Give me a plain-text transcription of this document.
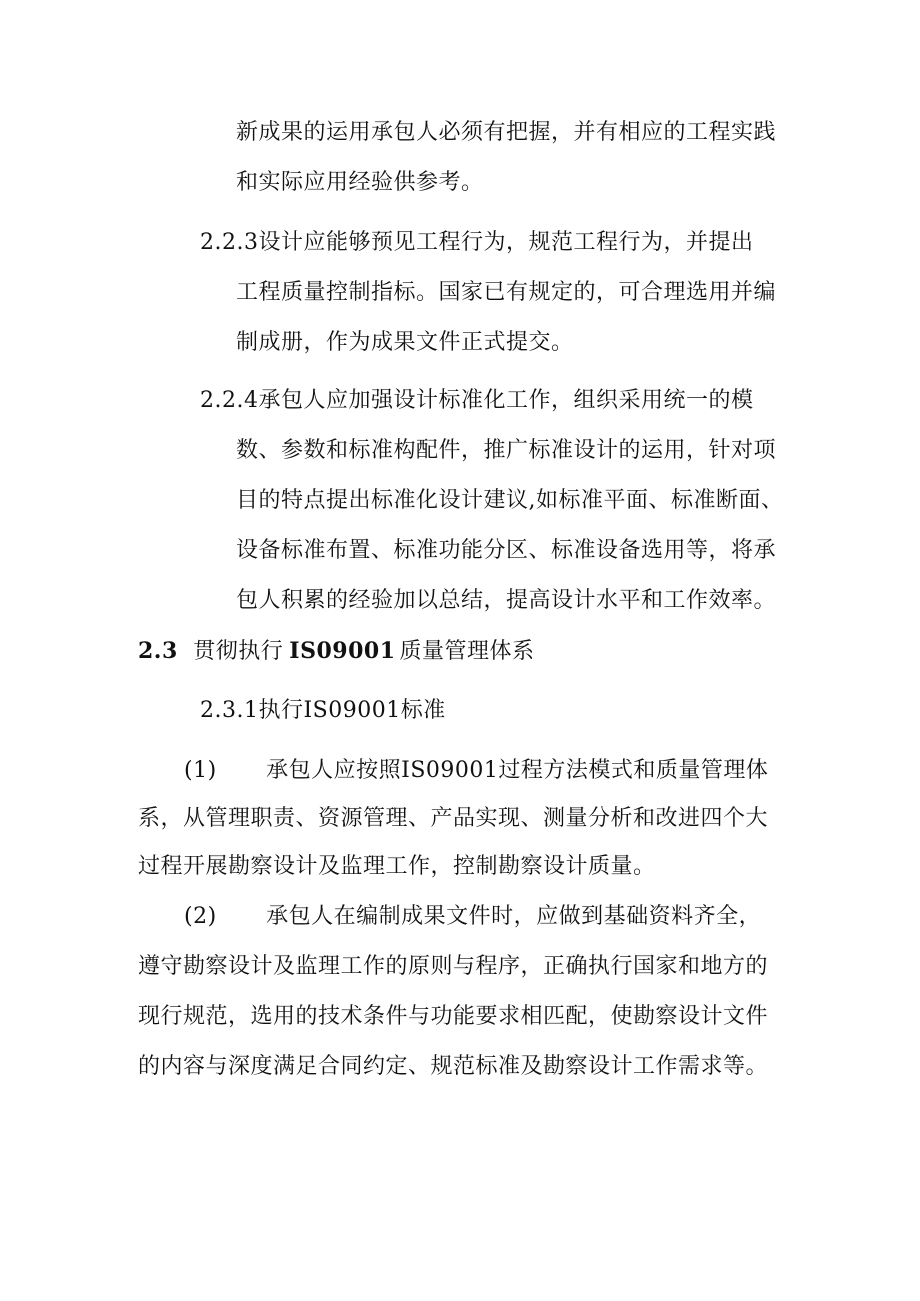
新成果的运用承包人必须有把握，并有相应的工程实践
和实际应用经验供参考。
2.2.3设计应能够预见工程行为，规范工程行为，并提出
工程质量控制指标。国家已有规定的，可合理选用并编
制成册，作为成果文件正式提交。
2.2.4承包人应加强设计标准化工作，组织采用统一的模
数、参数和标准构配件，推广标准设计的运用，针对项
目的特点提出标准化设计建议,如标准平面、标准断面、
设备标准布置、标准功能分区、标准设备选用等，将承
包人积累的经验加以总结，提高设计水平和工作效率。
2.3 贯彻执行 IS09001 质量管理体系
2.3.1执行IS09001标准
(1) 承包人应按照IS09001过程方法模式和质量管理体
系，从管理职责、资源管理、产品实现、测量分析和改进四个大
过程开展勘察设计及监理工作，控制勘察设计质量。
(2) 承包人在编制成果文件时，应做到基础资料齐全，
遵守勘察设计及监理工作的原则与程序，正确执行国家和地方的
现行规范，选用的技术条件与功能要求相匹配，使勘察设计文件
的内容与深度满足合同约定、规范标准及勘察设计工作需求等。
